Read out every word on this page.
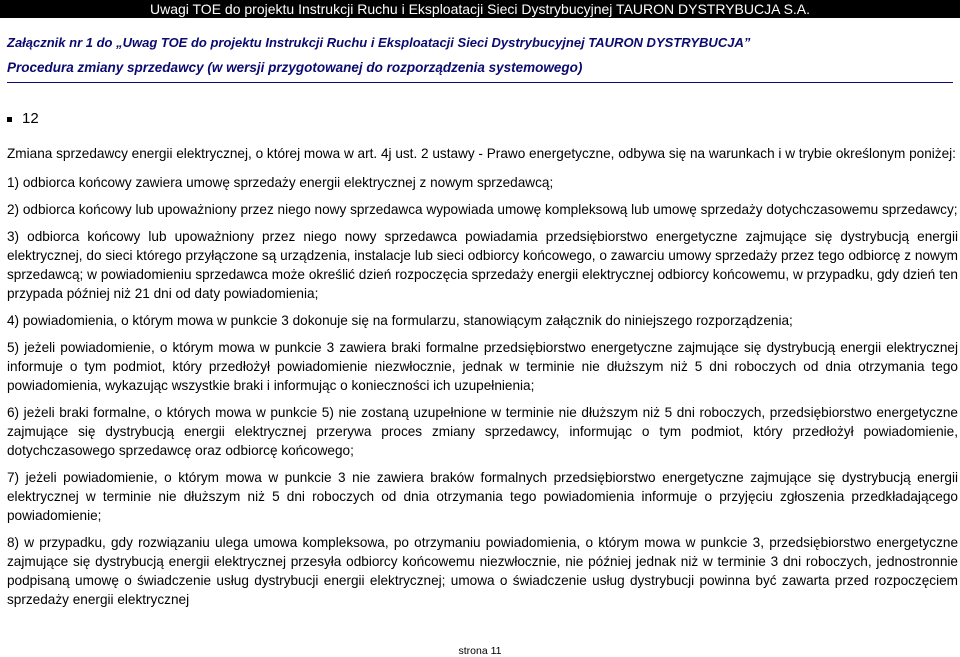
Uwagi TOE do projektu Instrukcji Ruchu i Eksploatacji Sieci Dystrybucyjnej TAURON DYSTRYBUCJA S.A.
Załącznik nr 1 do „Uwag TOE do projektu Instrukcji Ruchu i Eksploatacji Sieci Dystrybucyjnej TAURON DYSTRYBUCJA”
Procedura zmiany sprzedawcy (w wersji przygotowanej do rozporządzenia systemowego)
12

Zmiana sprzedawcy energii elektrycznej, o której mowa w art. 4j ust. 2 ustawy - Prawo energetyczne, odbywa się na warunkach i w trybie określonym poniżej:

1) odbiorca końcowy zawiera umowę sprzedaży energii elektrycznej z nowym sprzedawcą;

2) odbiorca końcowy lub upoważniony przez niego nowy sprzedawca wypowiada umowę kompleksową lub umowę sprzedaży dotychczasowemu sprzedawcy;

3) odbiorca końcowy lub upoważniony przez niego nowy sprzedawca powiadamia przedsiębiorstwo energetyczne zajmujące się dystrybucją energii elektrycznej, do sieci którego przyłączone są urządzenia, instalacje lub sieci odbiorcy końcowego, o zawarciu umowy sprzedaży przez tego odbiorcę z nowym sprzedawcą; w powiadomieniu sprzedawca może określić dzień rozpoczęcia sprzedaży energii elektrycznej odbiorcy końcowemu, w przypadku, gdy dzień ten przypada później niż 21 dni od daty powiadomienia;

4) powiadomienia, o którym mowa w punkcie 3 dokonuje się na formularzu, stanowiącym załącznik do niniejszego rozporządzenia;

5) jeżeli powiadomienie, o którym mowa w punkcie 3 zawiera braki formalne przedsiębiorstwo energetyczne zajmujące się dystrybucją energii elektrycznej informuje o tym podmiot, który przedłożył powiadomienie niezwłocznie, jednak w terminie nie dłuższym niż 5 dni roboczych od dnia otrzymania tego powiadomienia, wykazując wszystkie braki i informując o konieczności ich uzupełnienia;

6) jeżeli braki formalne, o których mowa w punkcie 5) nie zostaną uzupełnione w terminie nie dłuższym niż 5 dni roboczych, przedsiębiorstwo energetyczne zajmujące się dystrybucją energii elektrycznej przerywa proces zmiany sprzedawcy, informując o tym podmiot, który przedłożył powiadomienie, dotychczasowego sprzedawcę oraz odbiorcę końcowego;

7) jeżeli powiadomienie, o którym mowa w punkcie 3 nie zawiera braków formalnych przedsiębiorstwo energetyczne zajmujące się dystrybucją energii elektrycznej w terminie nie dłuższym niż 5 dni roboczych od dnia otrzymania tego powiadomienia informuje o przyjęciu zgłoszenia przedkładającego powiadomienie;

8) w przypadku, gdy rozwiązaniu ulega umowa kompleksowa, po otrzymaniu powiadomienia, o którym mowa w punkcie 3, przedsiębiorstwo energetyczne zajmujące się dystrybucją energii elektrycznej przesyła odbiorcy końcowemu niezwłocznie, nie później jednak niż w terminie 3 dni roboczych, jednostronnie podpisaną umowę o świadczenie usług dystrybucji energii elektrycznej; umowa o świadczenie usług dystrybucji powinna być zawarta przed rozpoczęciem sprzedaży energii elektrycznej

strona 11
